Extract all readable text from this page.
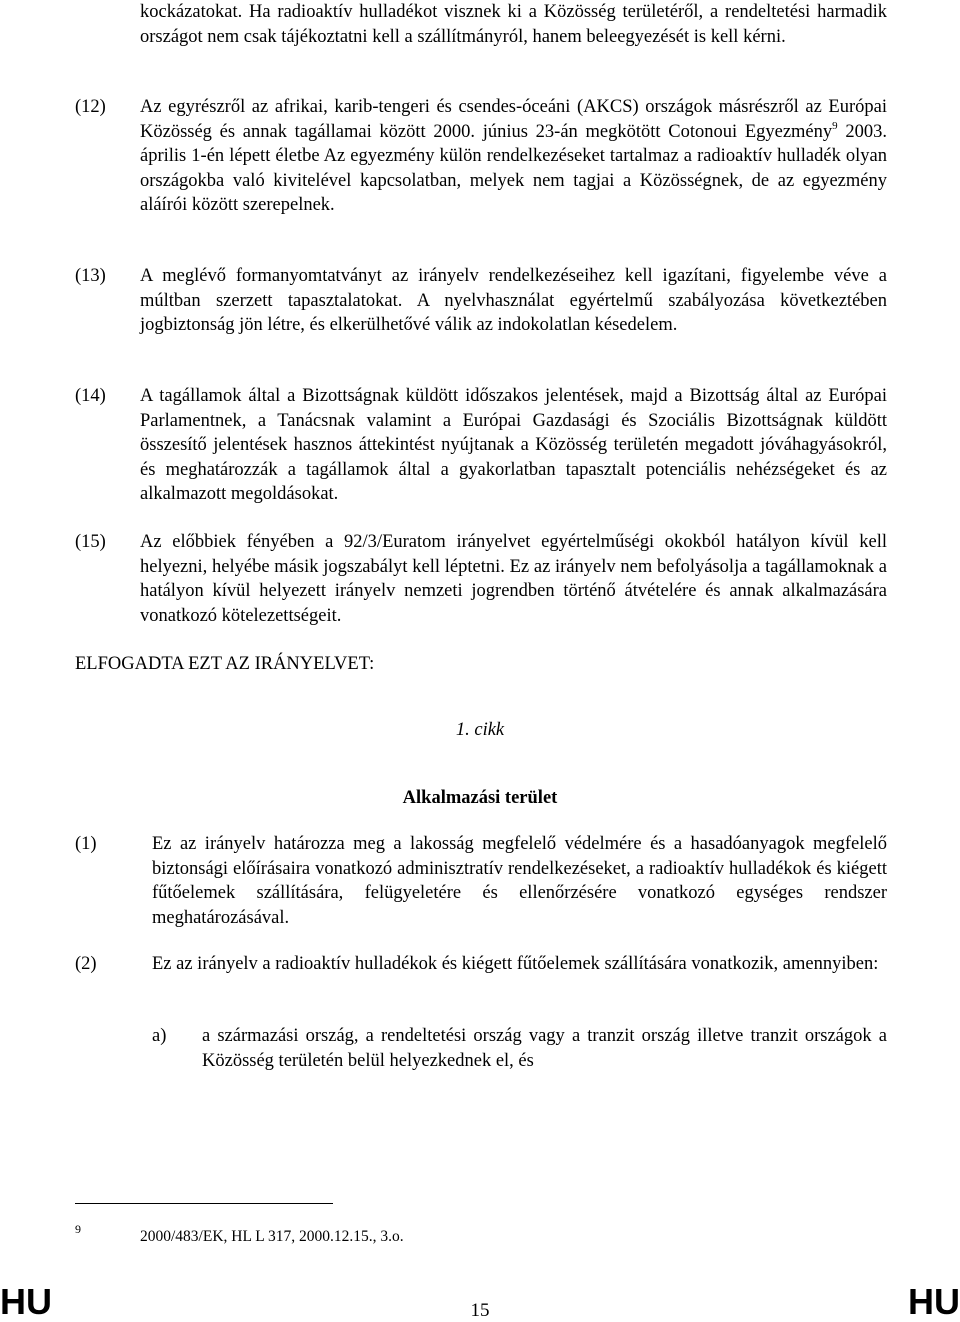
kockázatokat. Ha radioaktív hulladékot visznek ki a Közösség területéről, a rendeltetési harmadik országot nem csak tájékoztatni kell a szállítmányról, hanem beleegyezését is kell kérni.

(12) Az egyrészről az afrikai, karib-tengeri és csendes-óceáni (AKCS) országok másrészről az Európai Közösség és annak tagállamai között 2000. június 23-án megkötött Cotonoui Egyezmény$^9$ 2003. április 1-én lépett életbe Az egyezmény külön rendelkezéseket tartalmaz a radioaktív hulladék olyan országokba való kivitelével kapcsolatban, melyek nem tagjai a Közösségnek, de az egyezmény aláírói között szerepelnek.

(13) A meglévő formanyomtatványt az irányelv rendelkezéseihez kell igazítani, figyelembe véve a múltban szerzett tapasztalatokat. A nyelvhasználat egyértelmű szabályozása következtében jogbiztonság jön létre, és elkerülhetővé válik az indokolatlan késedelem.

(14) A tagállamok által a Bizottságnak küldött időszakos jelentések, majd a Bizottság által az Európai Parlamentnek, a Tanácsnak valamint a Európai Gazdasági és Szociális Bizottságnak küldött összesítő jelentések hasznos áttekintést nyújtanak a Közösség területén megadott jóváhagyásokról, és meghatározzák a tagállamok által a gyakorlatban tapasztalt potenciális nehézségeket és az alkalmazott megoldásokat.

(15) Az előbbiek fényében a 92/3/Euratom irányelvet egyértelműségi okokból hatályon kívül kell helyezni, helyébe másik jogszabályt kell léptetni. Ez az irányelv nem befolyásolja a tagállamoknak a hatályon kívül helyezett irányelv nemzeti jogrendben történő átvételére és annak alkalmazására vonatkozó kötelezettségeit.

ELFOGADTA EZT AZ IRÁNYELVET:

1. cikk

Alkalmazási terület

(1)	Ez az irányelv határozza meg a lakosság megfelelő védelmére és a hasadóanyagok megfelelő biztonsági előírásaira vonatkozó adminisztratív rendelkezéseket, a radioaktív hulladékok és kiégett fűtőelemek szállítására, felügyeletére és ellenőrzésére vonatkozó egységes rendszer meghatározásával.

(2)	Ez az irányelv a radioaktív hulladékok és kiégett fűtőelemek szállítására vonatkozik, amennyiben:

a) a származási ország, a rendeltetési ország vagy a tranzit ország illetve tranzit országok a Közösség területén belül helyezkednek el, és

9	2000/483/EK, HL L 317, 2000.12.15., 3.o.
HU	15	HU
